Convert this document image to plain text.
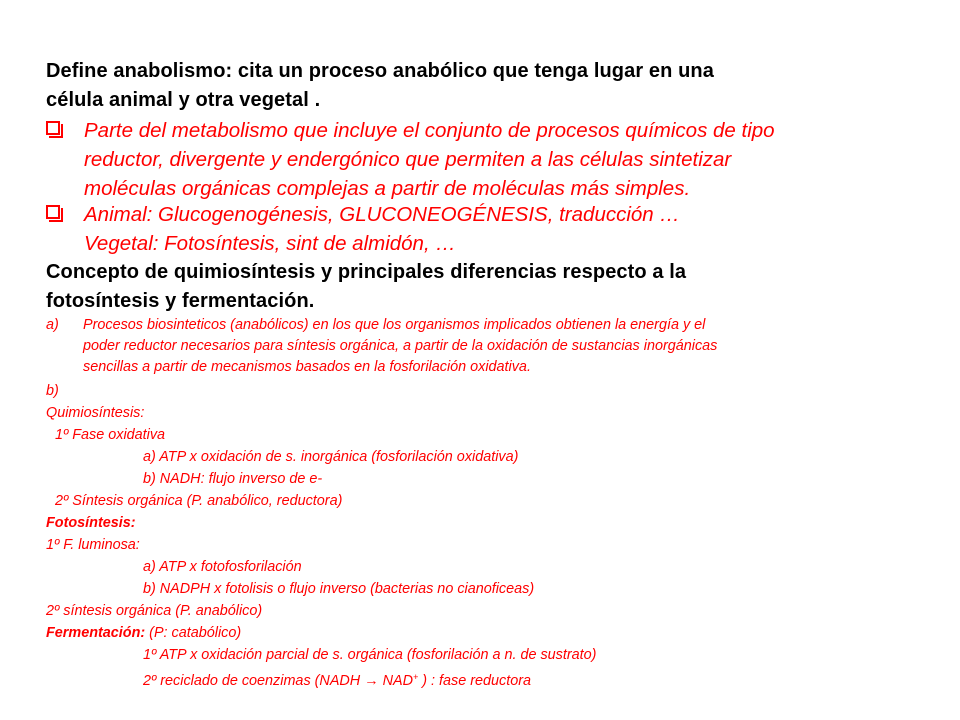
Define anabolismo: cita un proceso anabólico que tenga lugar en una

célula animal y otra vegetal .

Parte del metabolismo que incluye el conjunto de procesos químicos de tipo

reductor, divergente y endergónico que permiten a las células sintetizar

moléculas orgánicas complejas a partir de moléculas más simples.

Animal: Glucogenogénesis, GLUCONEOGÉNESIS, traducción …

Vegetal: Fotosíntesis, sint de almidón, …

Concepto de quimiosíntesis y principales diferencias respecto a la

fotosíntesis y fermentación.

a) Procesos biosinteticos (anabólicos) en los que los organismos implicados obtienen la energía y el

poder reductor necesarios para síntesis orgánica, a partir de la oxidación de sustancias inorgánicas

sencillas a partir de mecanismos basados en la fosforilación oxidativa.

b)

Quimiosíntesis:

1º Fase oxidativa

a) ATP x oxidación de s. inorgánica (fosforilación oxidativa)

b) NADH: flujo inverso de e-

2º Síntesis orgánica (P. anabólico, reductora)

Fotosíntesis:

1º F. luminosa:

a) ATP x fotofosforilación

b) NADPH x fotolisis o flujo inverso (bacterias no cianoficeas)

2º síntesis orgánica (P. anabólico)

Fermentación: (P: catabólico)

1º ATP x oxidación parcial de s. orgánica (fosforilación a n. de sustrato)

2º reciclado de coenzimas (NADH → NAD+ ) : fase reductora
